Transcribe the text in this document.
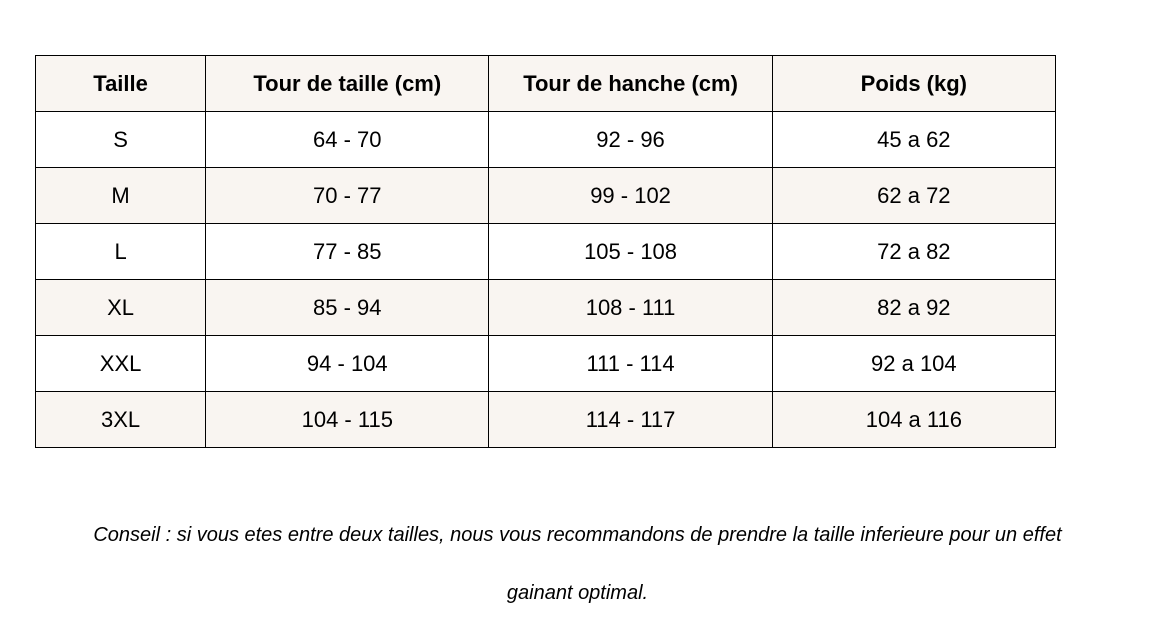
Taille	Tour de taille (cm)	Tour de hanche (cm)	Poids (kg)
S	64 - 70	92 - 96	45 a 62
M	70 - 77	99 - 102	62 a 72
L	77 - 85	105 - 108	72 a 82
XL	85 - 94	108 - 111	82 a 92
XXL	94 - 104	111 - 114	92 a 104
3XL	104 - 115	114 - 117	104 a 116
Conseil : si vous etes entre deux tailles, nous vous recommandons de prendre la taille inferieure pour un effet
gainant optimal.
